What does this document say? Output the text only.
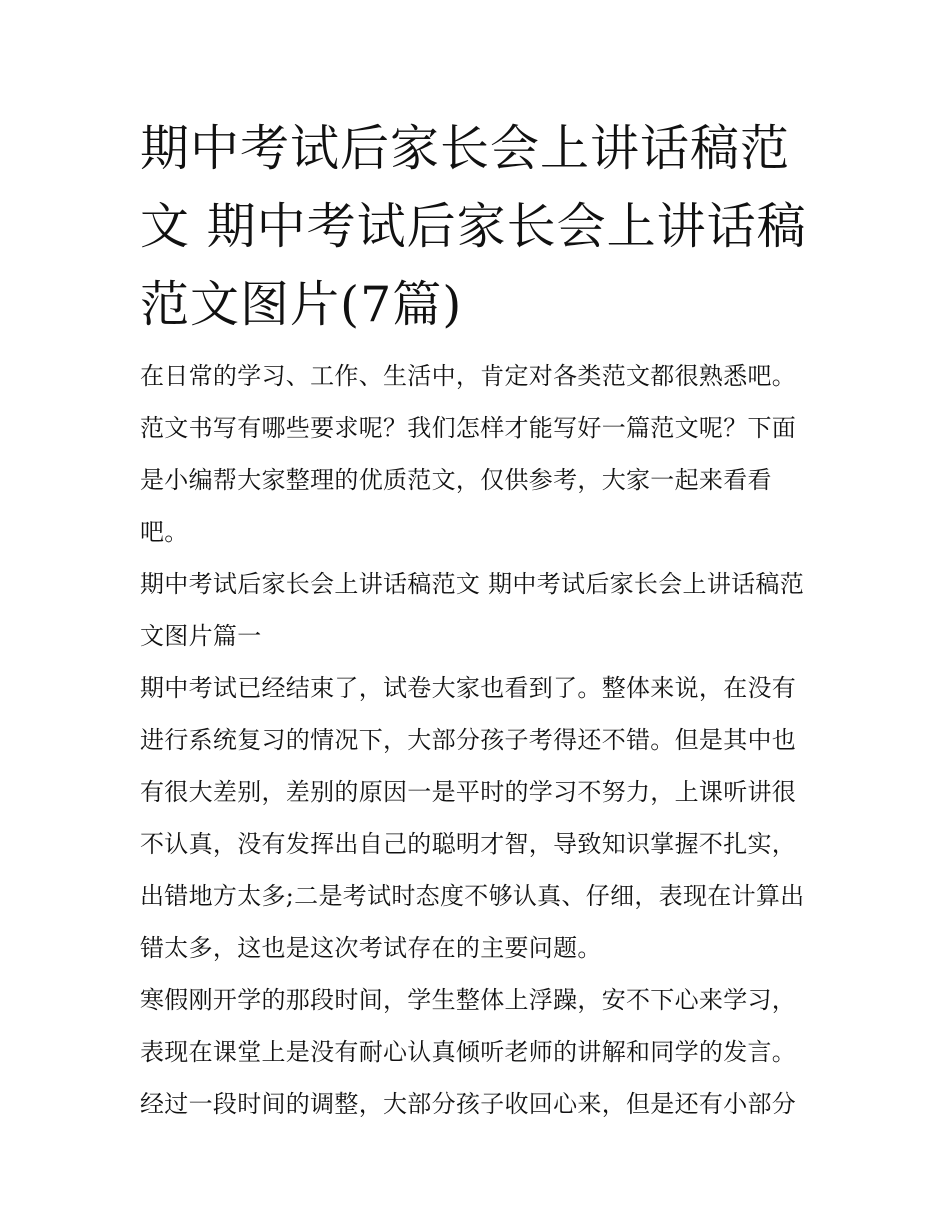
期中考试后家长会上讲话稿范文 期中考试后家长会上讲话稿范文图片(7篇)

在日常的学习、工作、生活中，肯定对各类范文都很熟悉吧。范文书写有哪些要求呢？我们怎样才能写好一篇范文呢？下面是小编帮大家整理的优质范文，仅供参考，大家一起来看看吧。

期中考试后家长会上讲话稿范文 期中考试后家长会上讲话稿范文图片篇一

期中考试已经结束了，试卷大家也看到了。整体来说，在没有进行系统复习的情况下，大部分孩子考得还不错。但是其中也有很大差别，差别的原因一是平时的学习不努力，上课听讲很不认真，没有发挥出自己的聪明才智，导致知识掌握不扎实，出错地方太多;二是考试时态度不够认真、仔细，表现在计算出错太多，这也是这次考试存在的主要问题。

寒假刚开学的那段时间，学生整体上浮躁，安不下心来学习，表现在课堂上是没有耐心认真倾听老师的讲解和同学的发言。经过一段时间的调整，大部分孩子收回心来，但是还有小部分
